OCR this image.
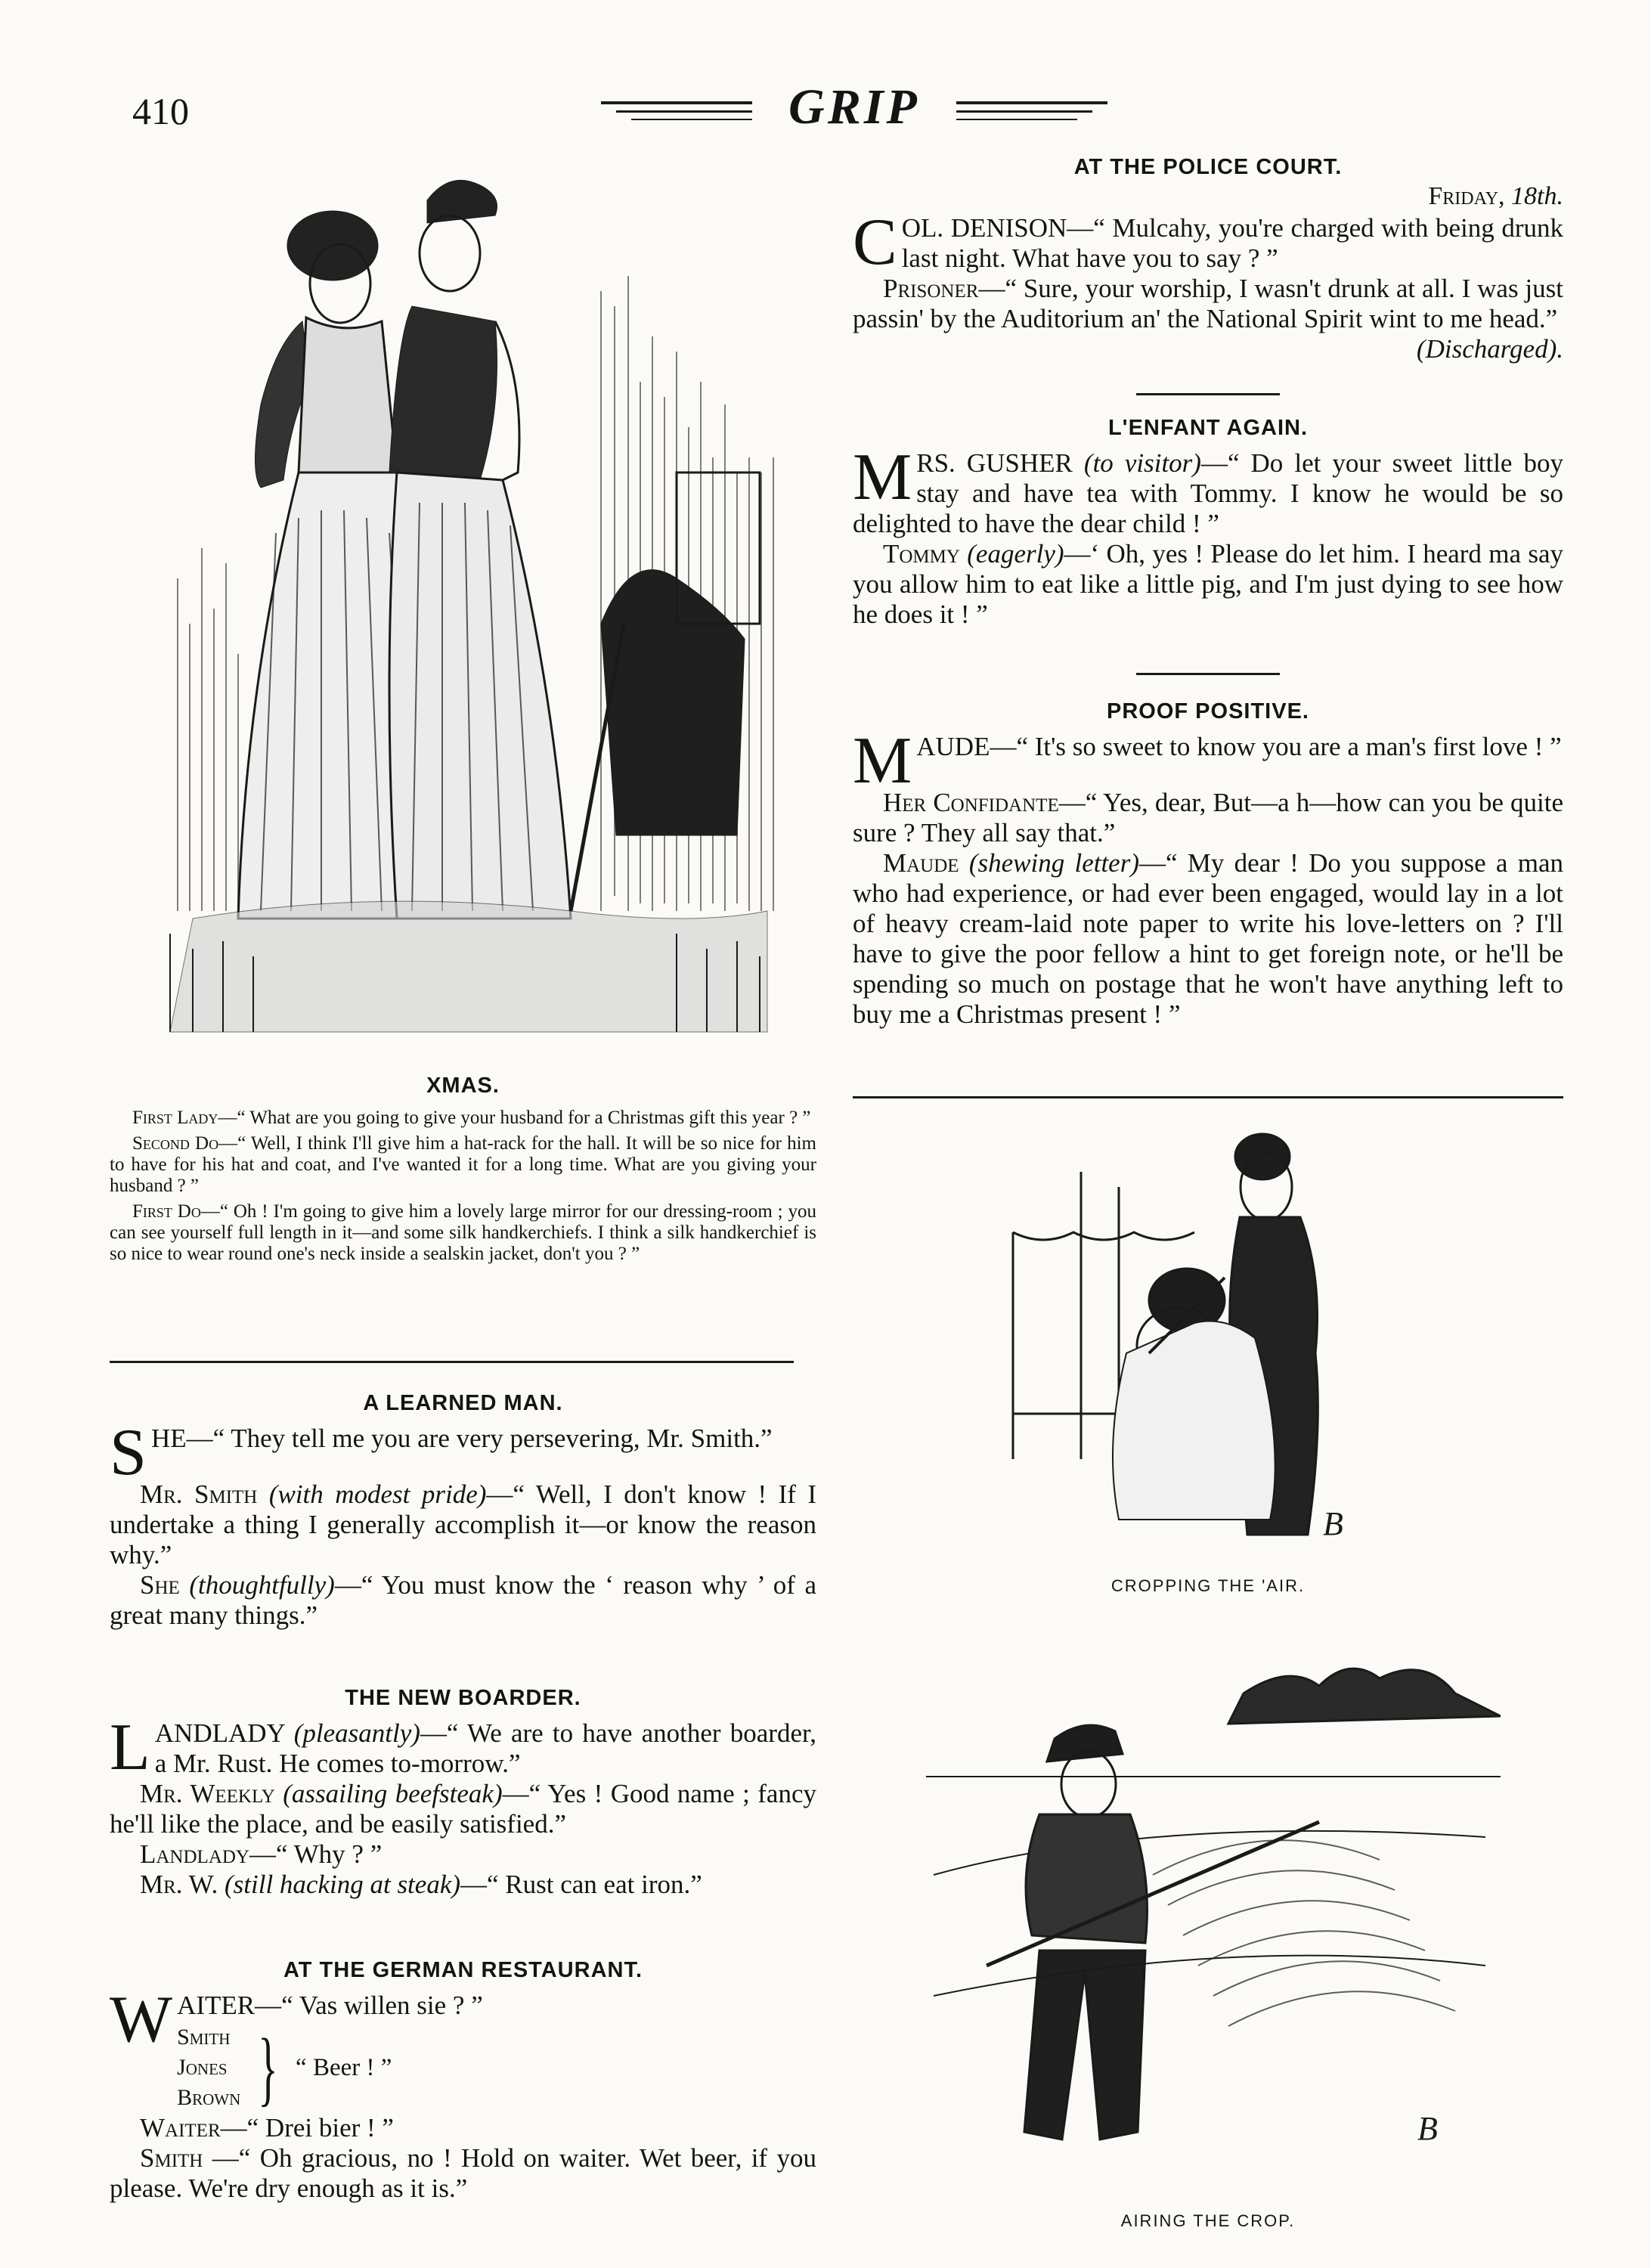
410	GRIP
XMAS.

First Lady—“ What are you going to give your husband for a Christmas gift this year ? ”

Second Do—“ Well, I think I'll give him a hat-rack for the hall. It will be so nice for him to have for his hat and coat, and I've wanted it for a long time. What are you giving your husband ? ”

First Do—“ Oh ! I'm going to give him a lovely large mirror for our dressing-room ; you can see yourself full length in it—and some silk handkerchiefs. I think a silk handkerchief is so nice to wear round one's neck inside a sealskin jacket, don't you ? ”

A LEARNED MAN.

SHE—“ They tell me you are very persevering, Mr. Smith.”

Mr. Smith (with modest pride)—“ Well, I don't know ! If I undertake a thing I generally accomplish it—or know the reason why.”

She (thoughtfully)—“ You must know the ‘ reason why ’ of a great many things.”

THE NEW BOARDER.

LANDLADY (pleasantly)—“ We are to have another boarder, a Mr. Rust. He comes to-morrow.”

Mr. Weekly (assailing beefsteak)—“ Yes ! Good name ; fancy he'll like the place, and be easily satisfied.”

Landlady—“ Why ? ”

Mr. W. (still hacking at steak)—“ Rust can eat iron.”

AT THE GERMAN RESTAURANT.

WAITER—“ Vas willen sie ? ”

Smith
Jones
Brown } “ Beer ! ”

Waiter—“ Drei bier ! ”

Smith —“ Oh gracious, no ! Hold on waiter. Wet beer, if you please. We're dry enough as it is.”

AT THE POLICE COURT.
Friday, 18th.

COL. DENISON—“ Mulcahy, you're charged with being drunk last night. What have you to say ? ”

Prisoner—“ Sure, your worship, I wasn't drunk at all. I was just passin' by the Auditorium an' the National Spirit wint to me head.”
(Discharged).

L'ENFANT AGAIN.

MRS. GUSHER (to visitor)—“ Do let your sweet little boy stay and have tea with Tommy. I know he would be so delighted to have the dear child ! ”

Tommy (eagerly)—‘ Oh, yes ! Please do let him. I heard ma say you allow him to eat like a little pig, and I'm just dying to see how he does it ! ”

PROOF POSITIVE.

MAUDE—“ It's so sweet to know you are a man's first love ! ”

Her Confidante—“ Yes, dear, But—a h—how can you be quite sure ? They all say that.”

Maude (shewing letter)—“ My dear ! Do you suppose a man who had experience, or had ever been engaged, would lay in a lot of heavy cream-laid note paper to write his love-letters on ? I'll have to give the poor fellow a hint to get foreign note, or he'll be spending so much on postage that he won't have anything left to buy me a Christmas present ! ”

B
CROPPING THE 'AIR.
B
AIRING THE CROP.
